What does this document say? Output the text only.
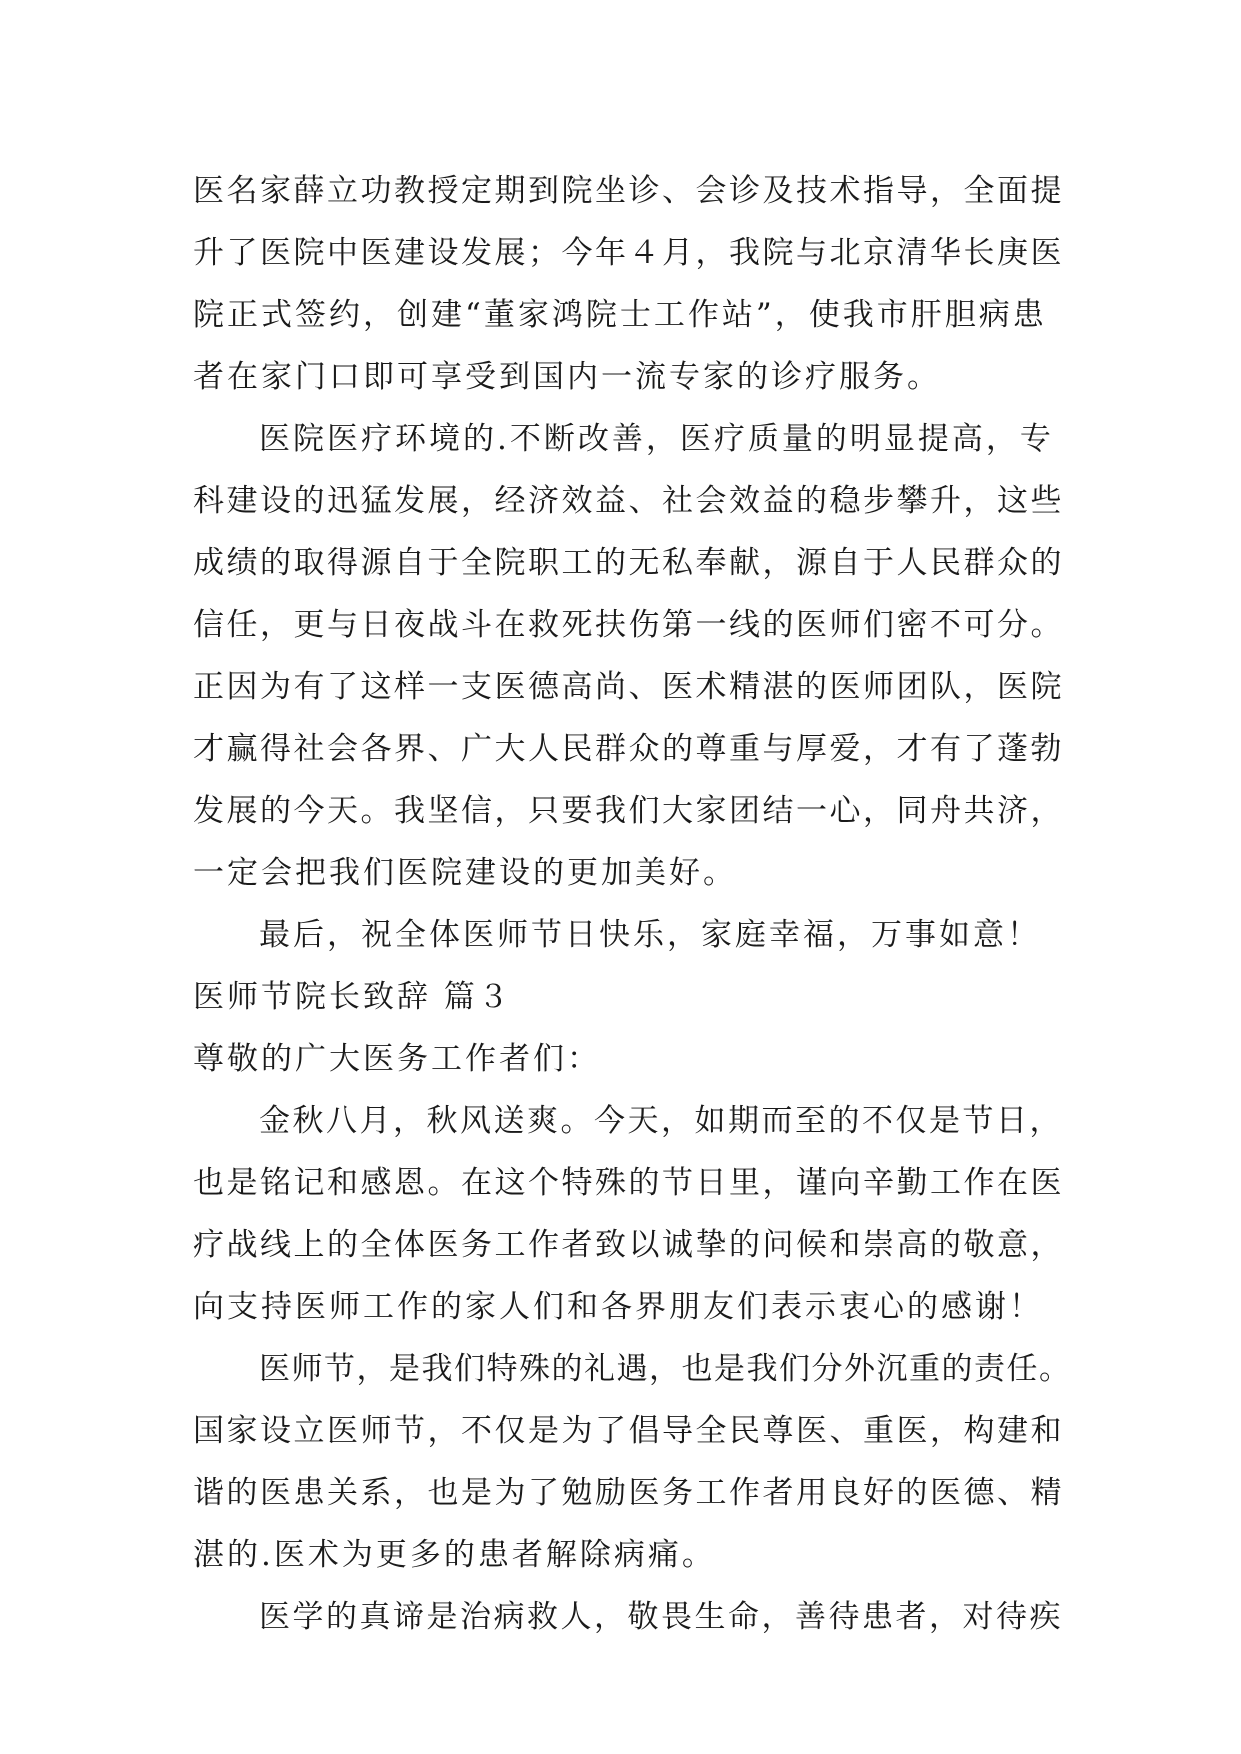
医名家薛立功教授定期到院坐诊、会诊及技术指导，全面提
升了医院中医建设发展；今年４月，我院与北京清华长庚医
院正式签约，创建“董家鸿院士工作站”，使我市肝胆病患
者在家门口即可享受到国内一流专家的诊疗服务。
医院医疗环境的.不断改善，医疗质量的明显提高，专
科建设的迅猛发展，经济效益、社会效益的稳步攀升，这些
成绩的取得源自于全院职工的无私奉献，源自于人民群众的
信任，更与日夜战斗在救死扶伤第一线的医师们密不可分。
正因为有了这样一支医德高尚、医术精湛的医师团队，医院
才赢得社会各界、广大人民群众的尊重与厚爱，才有了蓬勃
发展的今天。我坚信，只要我们大家团结一心，同舟共济，
一定会把我们医院建设的更加美好。
最后，祝全体医师节日快乐，家庭幸福，万事如意！
医师节院长致辞 篇３
尊敬的广大医务工作者们：
金秋八月，秋风送爽。今天，如期而至的不仅是节日，
也是铭记和感恩。在这个特殊的节日里，谨向辛勤工作在医
疗战线上的全体医务工作者致以诚挚的问候和崇高的敬意，
向支持医师工作的家人们和各界朋友们表示衷心的感谢！
医师节，是我们特殊的礼遇，也是我们分外沉重的责任。
国家设立医师节，不仅是为了倡导全民尊医、重医，构建和
谐的医患关系，也是为了勉励医务工作者用良好的医德、精
湛的.医术为更多的患者解除病痛。
医学的真谛是治病救人，敬畏生命，善待患者，对待疾
